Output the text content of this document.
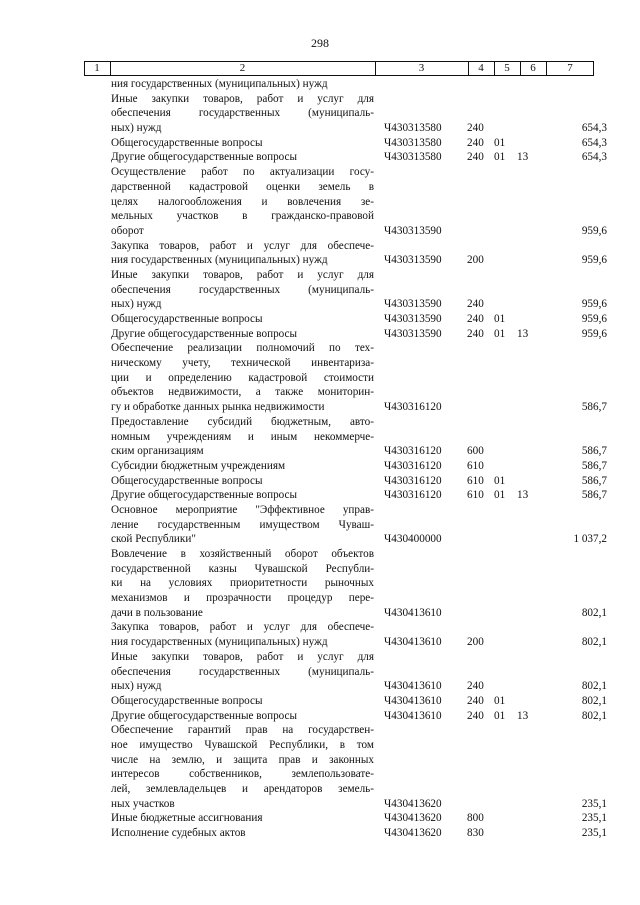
298
1	2	3	4	5	6	7
ния государственных (муниципальных) нужд
Иные закупки товаров, работ и услуг для
обеспечения государственных (муниципаль-
ных) нужд	Ч430313580 240	654,3
Общегосударственные вопросы	Ч430313580 240 01	654,3
Другие общегосударственные вопросы	Ч430313580 240 01 13	654,3
Осуществление работ по актуализации госу-
дарственной кадастровой оценки земель в
целях налогообложения и вовлечения зе-
мельных участков в гражданско-правовой
оборот	Ч430313590	959,6
Закупка товаров, работ и услуг для обеспече-
ния государственных (муниципальных) нужд	Ч430313590 200	959,6
Иные закупки товаров, работ и услуг для
обеспечения государственных (муниципаль-
ных) нужд	Ч430313590 240	959,6
Общегосударственные вопросы	Ч430313590 240 01	959,6
Другие общегосударственные вопросы	Ч430313590 240 01 13	959,6
Обеспечение реализации полномочий по тех-
ническому учету, технической инвентариза-
ции и определению кадастровой стоимости
объектов недвижимости, а также мониторин-
гу и обработке данных рынка недвижимости	Ч430316120	586,7
Предоставление субсидий бюджетным, авто-
номным учреждениям и иным некоммерче-
ским организациям	Ч430316120 600	586,7
Субсидии бюджетным учреждениям	Ч430316120 610	586,7
Общегосударственные вопросы	Ч430316120 610 01	586,7
Другие общегосударственные вопросы	Ч430316120 610 01 13	586,7
Основное мероприятие "Эффективное управ-
ление государственным имуществом Чуваш-
ской Республики"	Ч430400000	1 037,2
Вовлечение в хозяйственный оборот объектов
государственной казны Чувашской Республи-
ки на условиях приоритетности рыночных
механизмов и прозрачности процедур пере-
дачи в пользование	Ч430413610	802,1
Закупка товаров, работ и услуг для обеспече-
ния государственных (муниципальных) нужд	Ч430413610 200	802,1
Иные закупки товаров, работ и услуг для
обеспечения государственных (муниципаль-
ных) нужд	Ч430413610 240	802,1
Общегосударственные вопросы	Ч430413610 240 01	802,1
Другие общегосударственные вопросы	Ч430413610 240 01 13	802,1
Обеспечение гарантий прав на государствен-
ное имущество Чувашской Республики, в том
числе на землю, и защита прав и законных
интересов собственников, землепользовате-
лей, землевладельцев и арендаторов земель-
ных участков	Ч430413620	235,1
Иные бюджетные ассигнования	Ч430413620 800	235,1
Исполнение судебных актов	Ч430413620 830	235,1
